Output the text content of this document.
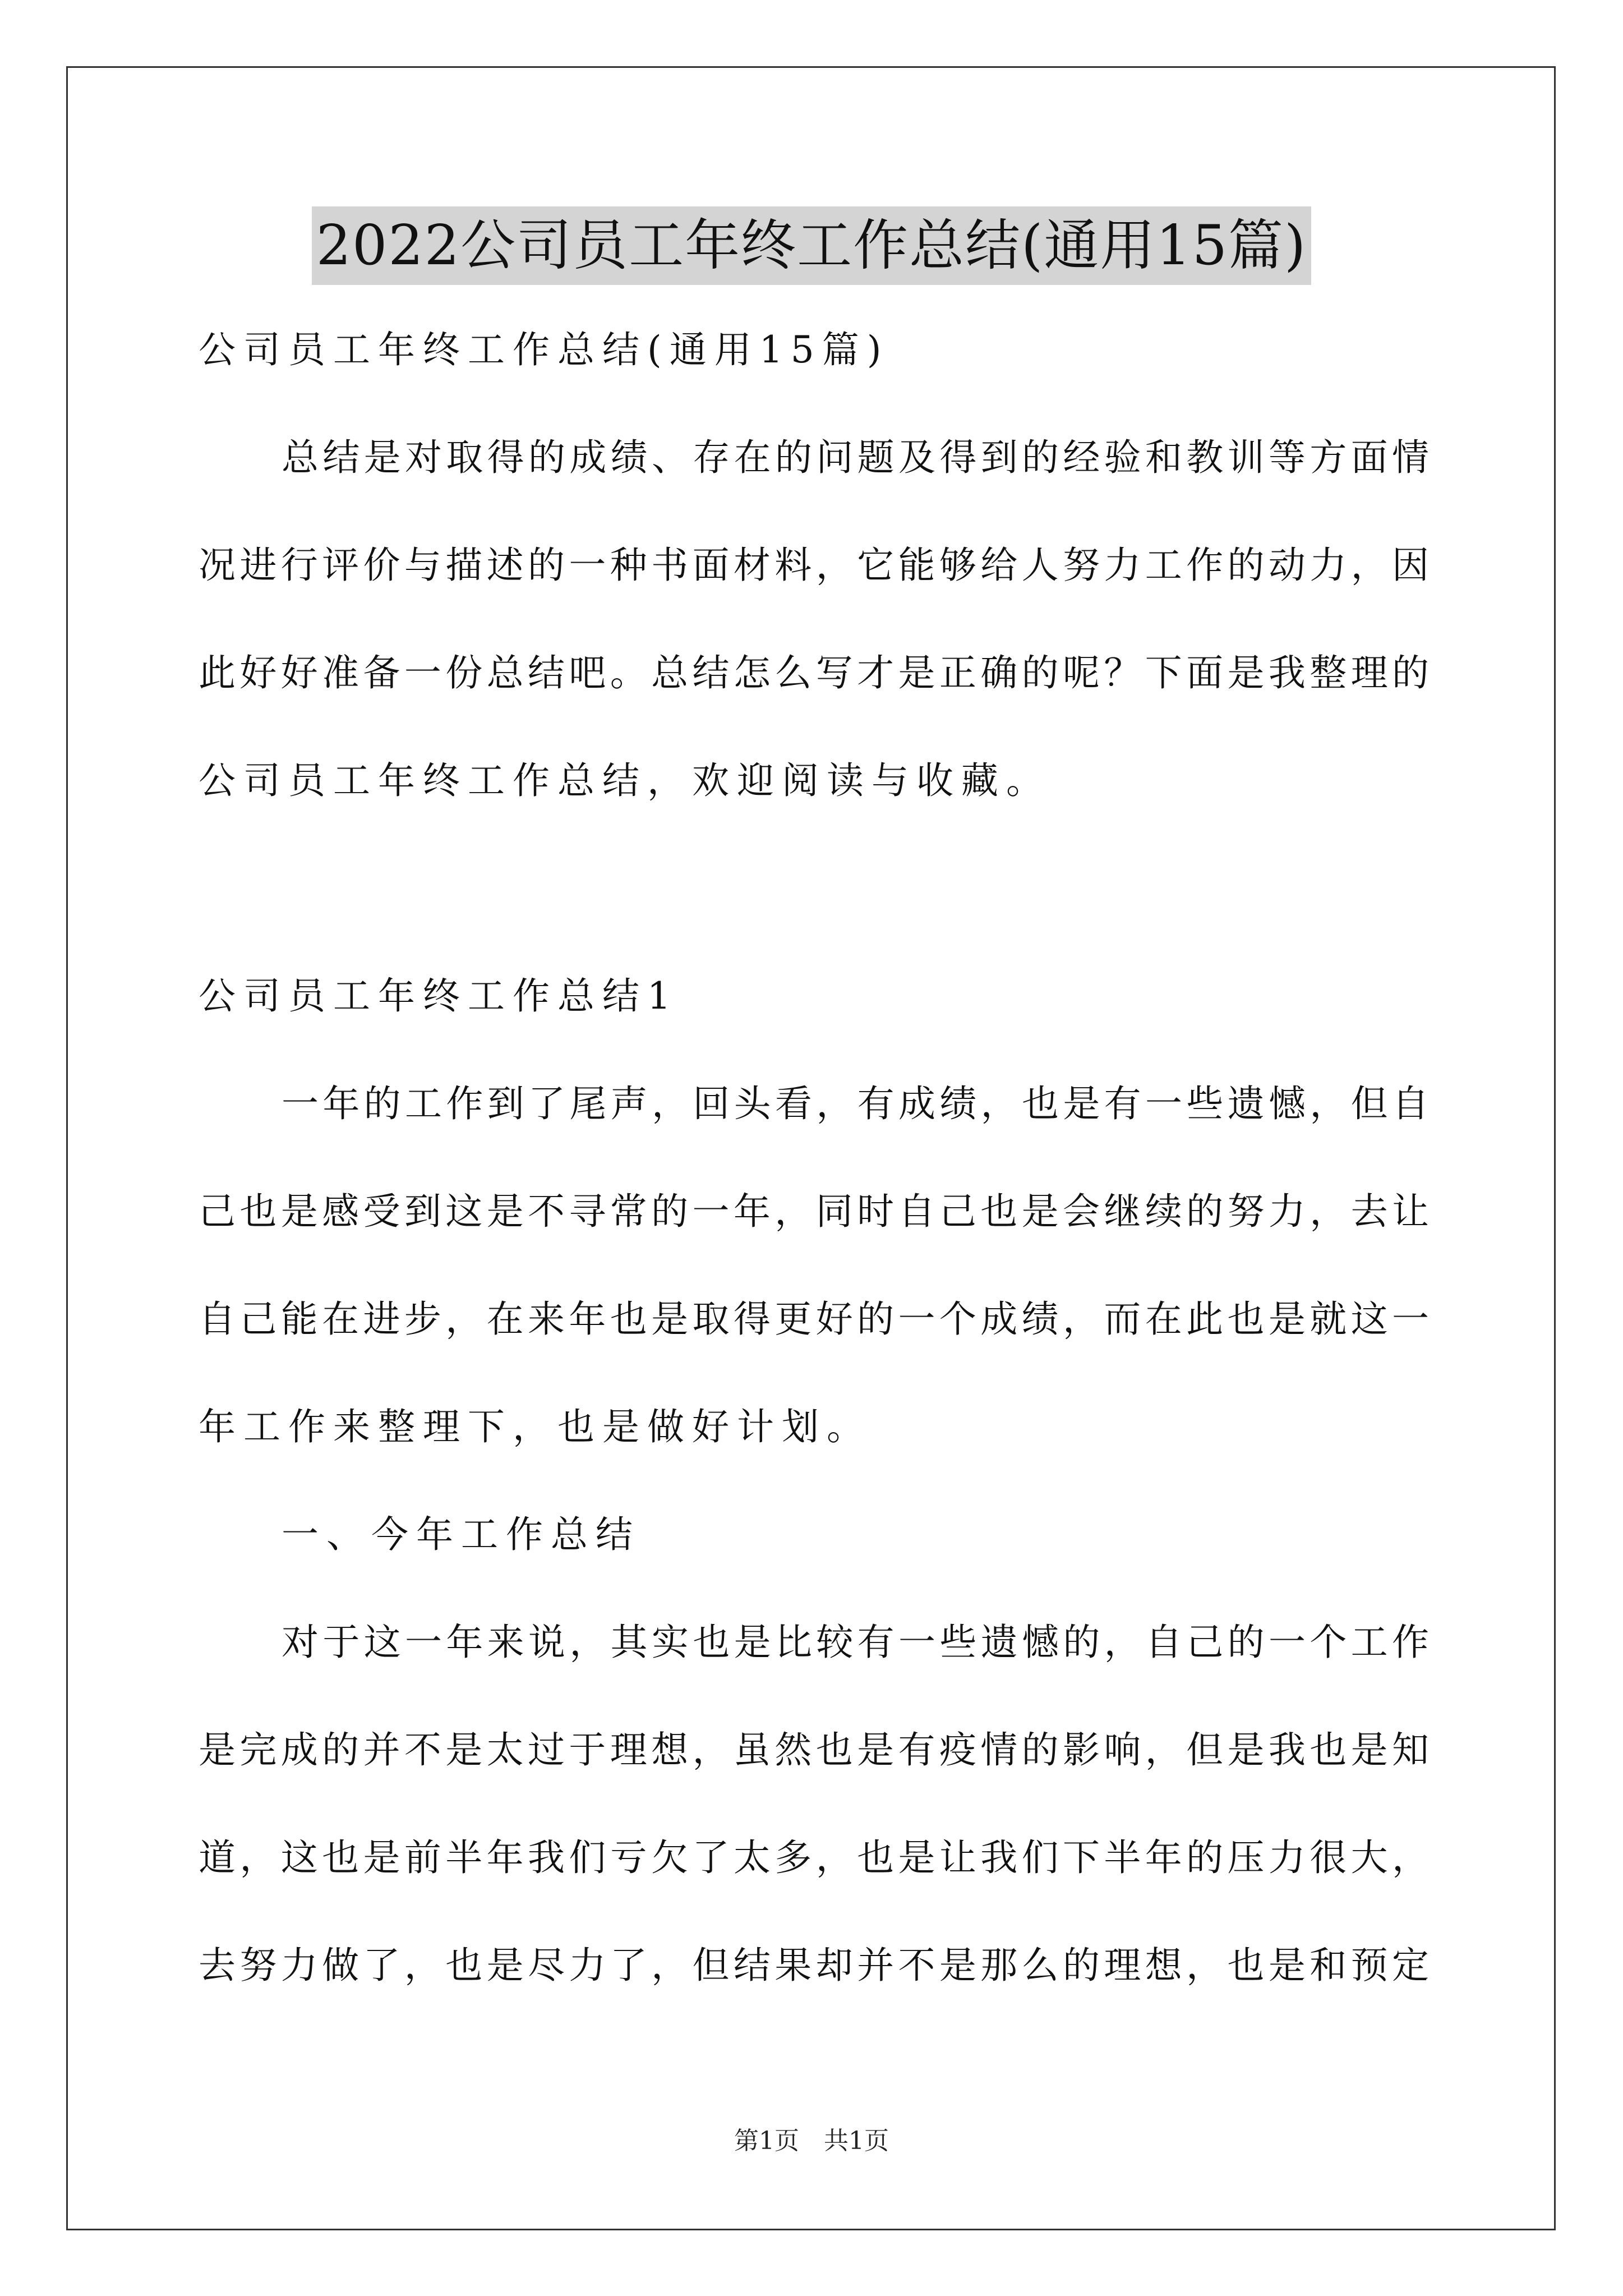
2022公司员工年终工作总结(通用15篇)
公司员工年终工作总结(通用15篇)
总结是对取得的成绩、存在的问题及得到的经验和教训等方面情
况进行评价与描述的一种书面材料，它能够给人努力工作的动力，因
此好好准备一份总结吧。总结怎么写才是正确的呢？下面是我整理的
公司员工年终工作总结，欢迎阅读与收藏。
公司员工年终工作总结1
一年的工作到了尾声，回头看，有成绩，也是有一些遗憾，但自
己也是感受到这是不寻常的一年，同时自己也是会继续的努力，去让
自己能在进步，在来年也是取得更好的一个成绩，而在此也是就这一
年工作来整理下，也是做好计划。
一、今年工作总结
对于这一年来说，其实也是比较有一些遗憾的，自己的一个工作
是完成的并不是太过于理想，虽然也是有疫情的影响，但是我也是知
道，这也是前半年我们亏欠了太多，也是让我们下半年的压力很大，
去努力做了，也是尽力了，但结果却并不是那么的理想，也是和预定
第1页　共1页
